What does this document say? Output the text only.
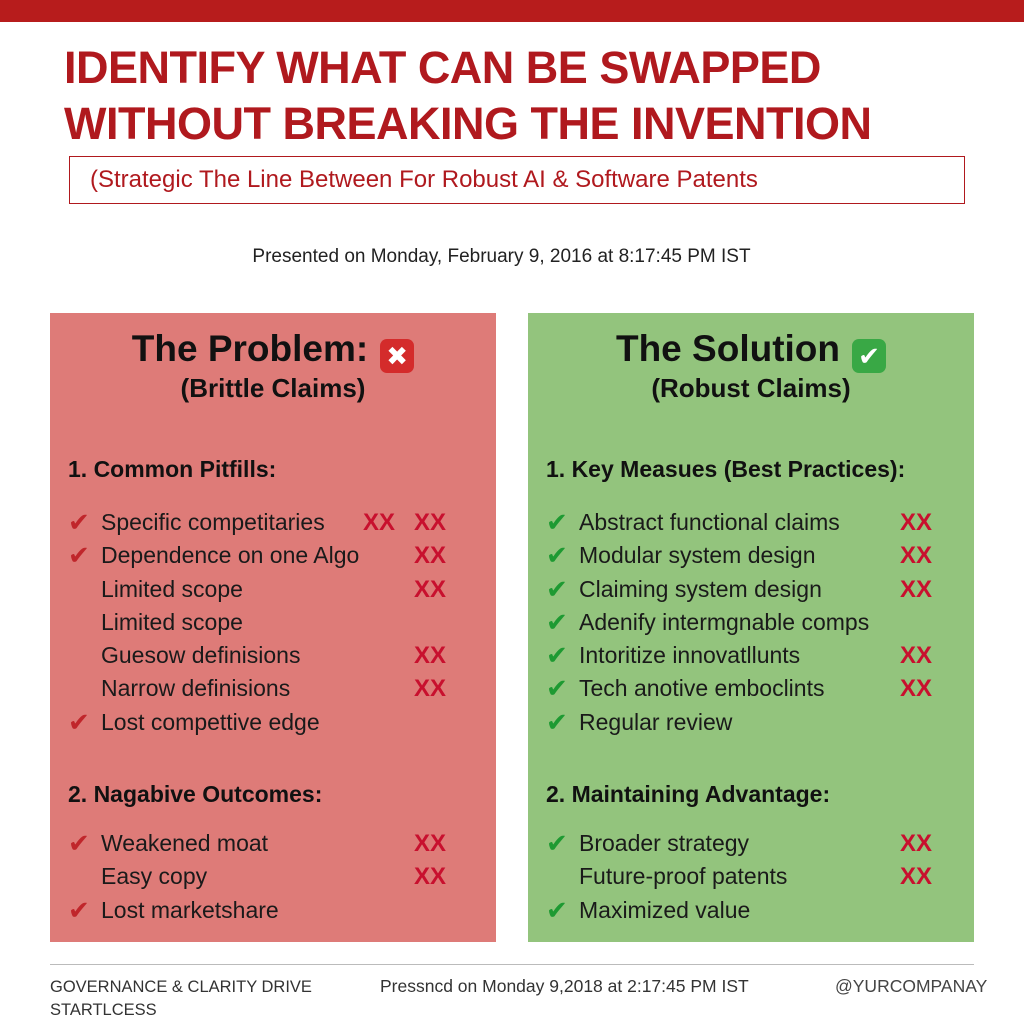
IDENTIFY WHAT CAN BE SWAPPED
WITHOUT BREAKING THE INVENTION
(Strategic The Line Between For Robust AI & Software Patents
Presented on Monday, February 9, 2016 at 8:17:45 PM IST
The Problem: ✖
(Brittle Claims)
1. Common Pitfills:
✔ Specific competitaries XX XX
✔ Dependence on one Algo XX
Limited scope	XX
Limited scope
Guesow definisions	XX
Narrow definisions	XX
✔ Lost compettive edge
2. Nagabive Outcomes:
✔ Weakened moat	XX
Easy copy	XX
✔ Lost marketshare
The Solution ✔
(Robust Claims)
1. Key Measues (Best Practices):
✔ Abstract functional claims	XX
✔ Modular system design	XX
✔ Claiming system design	XX
✔ Adenify intermgnable comps
✔ Intoritize innovatllunts	XX
✔ Tech anotive emboclints	XX
✔ Regular review
2. Maintaining Advantage:
✔ Broader strategy	XX
Future-proof patents	XX
✔ Maximized value
GOVERNANCE & CLARITY DRIVE
STARTLCESS
Pressncd on Monday 9,2018 at 2:17:45 PM IST	@YURCOMPANAY
